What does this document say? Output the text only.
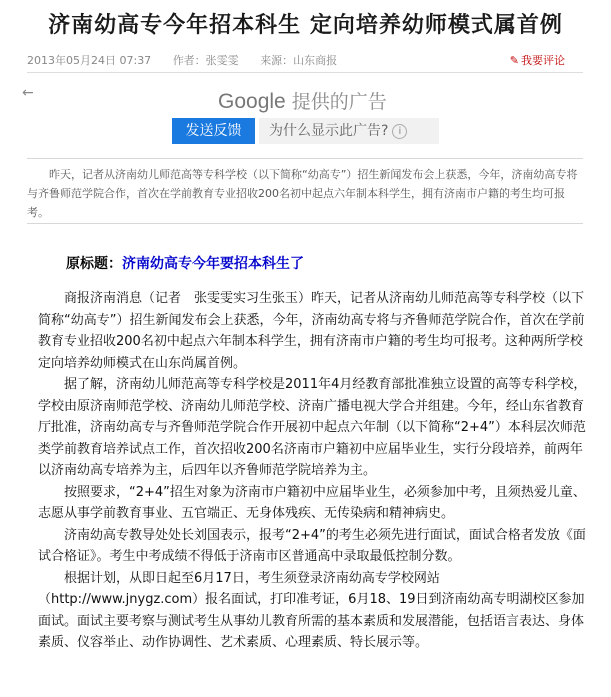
济南幼高专今年招本科生 定向培养幼师模式属首例
2013年05月24日 07:37 作者：张雯雯 来源：山东商报	✎ 我要评论
←	Google 提供的广告
发送反馈	为什么显示此广告? i
昨天，记者从济南幼儿师范高等专科学校（以下简称“幼高专”）招生新闻发布会上获悉，今年，济南幼高专将与齐鲁师范学院合作，首次在学前教育专业招收200名初中起点六年制本科学生，拥有济南市户籍的考生均可报考。
原标题：济南幼高专今年要招本科生了

商报济南消息（记者　张雯雯实习生张玉）昨天，记者从济南幼儿师范高等专科学校（以下简称“幼高专”）招生新闻发布会上获悉，今年，济南幼高专将与齐鲁师范学院合作，首次在学前教育专业招收200名初中起点六年制本科学生，拥有济南市户籍的考生均可报考。这种两所学校定向培养幼师模式在山东尚属首例。

据了解，济南幼儿师范高等专科学校是2011年4月经教育部批准独立设置的高等专科学校，学校由原济南师范学校、济南幼儿师范学校、济南广播电视大学合并组建。今年，经山东省教育厅批准，济南幼高专与齐鲁师范学院合作开展初中起点六年制（以下简称“2+4”）本科层次师范类学前教育培养试点工作，首次招收200名济南市户籍初中应届毕业生，实行分段培养，前两年以济南幼高专培养为主，后四年以齐鲁师范学院培养为主。

按照要求，“2+4”招生对象为济南市户籍初中应届毕业生，必须参加中考，且须热爱儿童、志愿从事学前教育事业、五官端正、无身体残疾、无传染病和精神病史。

济南幼高专教导处处长刘国表示，报考“2+4”的考生必须先进行面试，面试合格者发放《面试合格证》。考生中考成绩不得低于济南市区普通高中录取最低控制分数。

根据计划，从即日起至6月17日，考生须登录济南幼高专学校网站（http://www.jnygz.com）报名面试，打印准考证，6月18、19日到济南幼高专明湖校区参加面试。面试主要考察与测试考生从事幼儿教育所需的基本素质和发展潜能，包括语言表达、身体素质、仪容举止、动作协调性、艺术素质、心理素质、特长展示等。
